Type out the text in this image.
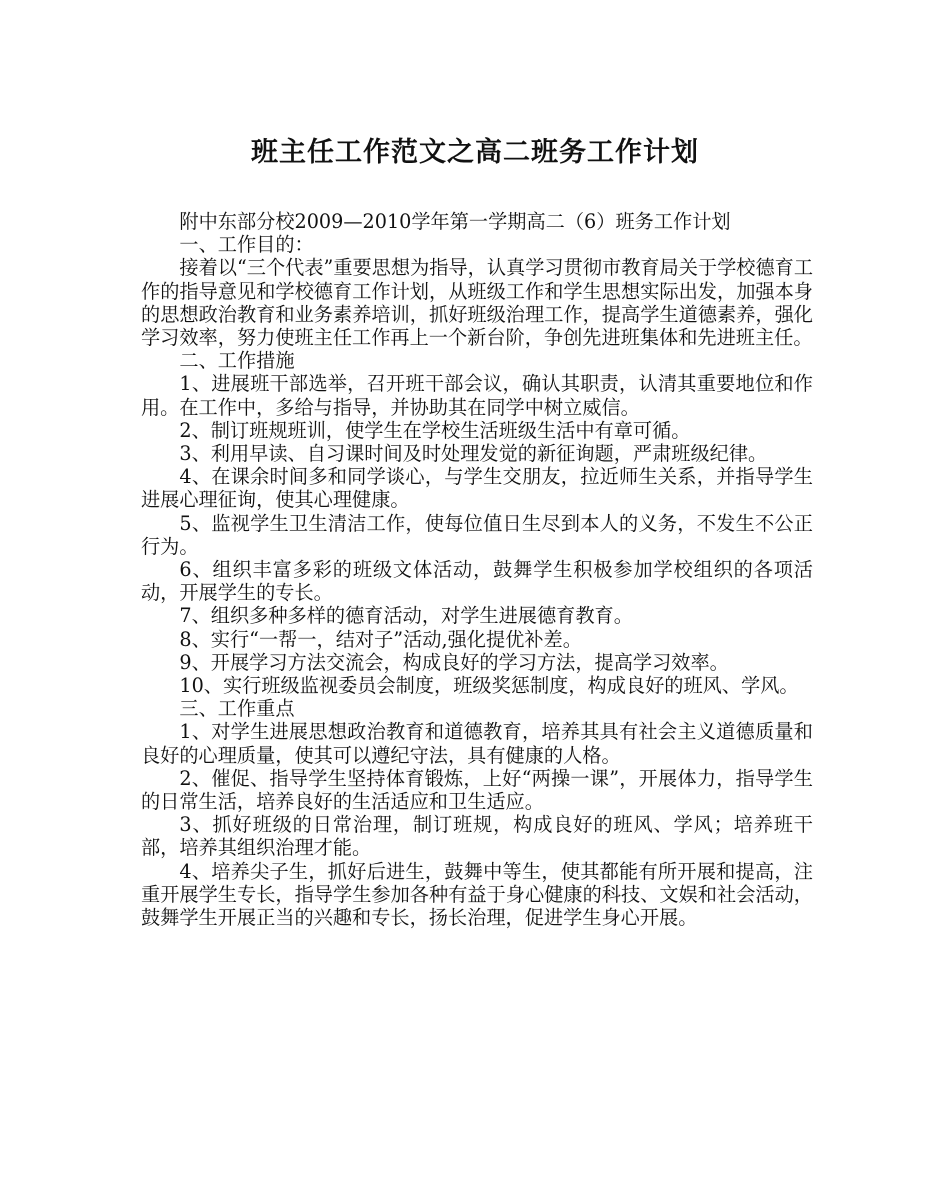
班主任工作范文之高二班务工作计划

附中东部分校2009—2010学年第一学期高二（6）班务工作计划

一、工作目的：

接着以“三个代表”重要思想为指导，认真学习贯彻市教育局关于学校德育工作的指导意见和学校德育工作计划，从班级工作和学生思想实际出发，加强本身的思想政治教育和业务素养培训，抓好班级治理工作，提高学生道德素养，强化学习效率，努力使班主任工作再上一个新台阶，争创先进班集体和先进班主任。

二、工作措施

1、进展班干部选举，召开班干部会议，确认其职责，认清其重要地位和作用。在工作中，多给与指导，并协助其在同学中树立威信。

2、制订班规班训，使学生在学校生活班级生活中有章可循。

3、利用早读、自习课时间及时处理发觉的新征询题，严肃班级纪律。

4、在课余时间多和同学谈心，与学生交朋友，拉近师生关系，并指导学生进展心理征询，使其心理健康。

5、监视学生卫生清洁工作，使每位值日生尽到本人的义务，不发生不公正行为。

6、组织丰富多彩的班级文体活动，鼓舞学生积极参加学校组织的各项活动，开展学生的专长。

7、组织多种多样的德育活动，对学生进展德育教育。

8、实行“一帮一，结对子”活动,强化提优补差。

9、开展学习方法交流会，构成良好的学习方法，提高学习效率。

10、实行班级监视委员会制度，班级奖惩制度，构成良好的班风、学风。

三、工作重点

1、对学生进展思想政治教育和道德教育，培养其具有社会主义道德质量和良好的心理质量，使其可以遵纪守法，具有健康的人格。

2、催促、指导学生坚持体育锻炼，上好“两操一课”，开展体力，指导学生的日常生活，培养良好的生活适应和卫生适应。

3、抓好班级的日常治理，制订班规，构成良好的班风、学风；培养班干部，培养其组织治理才能。

4、培养尖子生，抓好后进生，鼓舞中等生，使其都能有所开展和提高，注重开展学生专长，指导学生参加各种有益于身心健康的科技、文娱和社会活动，鼓舞学生开展正当的兴趣和专长，扬长治理，促进学生身心开展。
